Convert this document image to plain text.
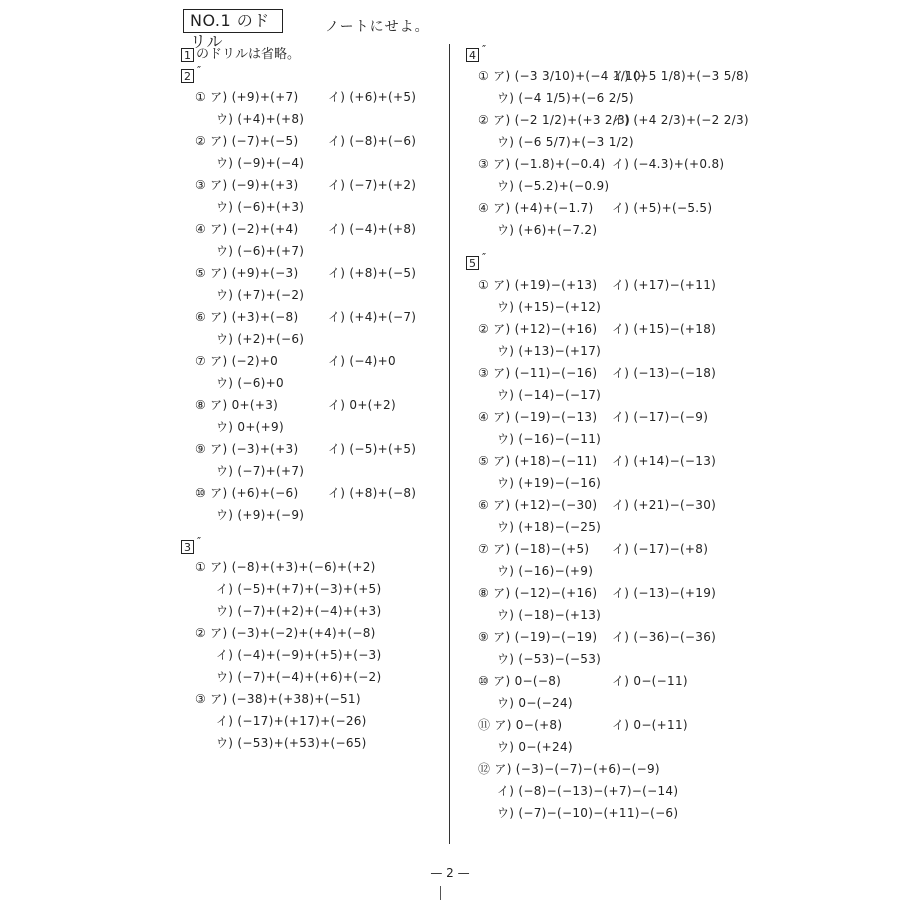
NO.1 のドリル
ノートにせよ。
1 のドリルは省略。
2 ″
① ア) (+9)+(+7) イ) (+6)+(+5)
ウ) (+4)+(+8)
② ア) (−7)+(−5) イ) (−8)+(−6)
ウ) (−9)+(−4)
③ ア) (−9)+(+3) イ) (−7)+(+2)
ウ) (−6)+(+3)
④ ア) (−2)+(+4) イ) (−4)+(+8)
ウ) (−6)+(+7)
⑤ ア) (+9)+(−3) イ) (+8)+(−5)
ウ) (+7)+(−2)
⑥ ア) (+3)+(−8) イ) (+4)+(−7)
ウ) (+2)+(−6)
⑦ ア) (−2)+0	イ) (−4)+0
ウ) (−6)+0
⑧ ア) 0+(+3)	イ) 0+(+2)
ウ) 0+(+9)
⑨ ア) (−3)+(+3) イ) (−5)+(+5)
ウ) (−7)+(+7)
⑩ ア) (+6)+(−6) イ) (+8)+(−8)
ウ) (+9)+(−9)
3 ″
① ア) (−8)+(+3)+(−6)+(+2)
イ) (−5)+(+7)+(−3)+(+5)
ウ) (−7)+(+2)+(−4)+(+3)
② ア) (−3)+(−2)+(+4)+(−8)
イ) (−4)+(−9)+(+5)+(−3)
ウ) (−7)+(−4)+(+6)+(−2)
③ ア) (−38)+(+38)+(−51)
イ) (−17)+(+17)+(−26)
ウ) (−53)+(+53)+(−65)
4 ″
① ア) (−3 3/10)+(−4 1/10)
イ) (−5 1/8)+(−3 5/8)
ウ) (−4 1/5)+(−6 2/5)
② ア) (−2 1/2)+(+3 2/3)
イ) (+4 2/3)+(−2 2/3)
ウ) (−6 5/7)+(−3 1/2)
③ ア) (−1.8)+(−0.4) イ) (−4.3)+(+0.8)
ウ) (−5.2)+(−0.9)
④ ア) (+4)+(−1.7) イ) (+5)+(−5.5)
ウ) (+6)+(−7.2)
5 ″
① ア) (+19)−(+13) イ) (+17)−(+11)
ウ) (+15)−(+12)
② ア) (+12)−(+16) イ) (+15)−(+18)
ウ) (+13)−(+17)
③ ア) (−11)−(−16) イ) (−13)−(−18)
ウ) (−14)−(−17)
④ ア) (−19)−(−13) イ) (−17)−(−9)
ウ) (−16)−(−11)
⑤ ア) (+18)−(−11) イ) (+14)−(−13)
ウ) (+19)−(−16)
⑥ ア) (+12)−(−30) イ) (+21)−(−30)
ウ) (+18)−(−25)
⑦ ア) (−18)−(+5) イ) (−17)−(+8)
ウ) (−16)−(+9)
⑧ ア) (−12)−(+16) イ) (−13)−(+19)
ウ) (−18)−(+13)
⑨ ア) (−19)−(−19) イ) (−36)−(−36)
ウ) (−53)−(−53)
⑩ ア) 0−(−8)	イ) 0−(−11)
ウ) 0−(−24)
⑪ ア) 0−(+8)	イ) 0−(+11)
ウ) 0−(+24)
⑫ ア) (−3)−(−7)−(+6)−(−9)
イ) (−8)−(−13)−(+7)−(−14)
ウ) (−7)−(−10)−(+11)−(−6)
— 2 —
